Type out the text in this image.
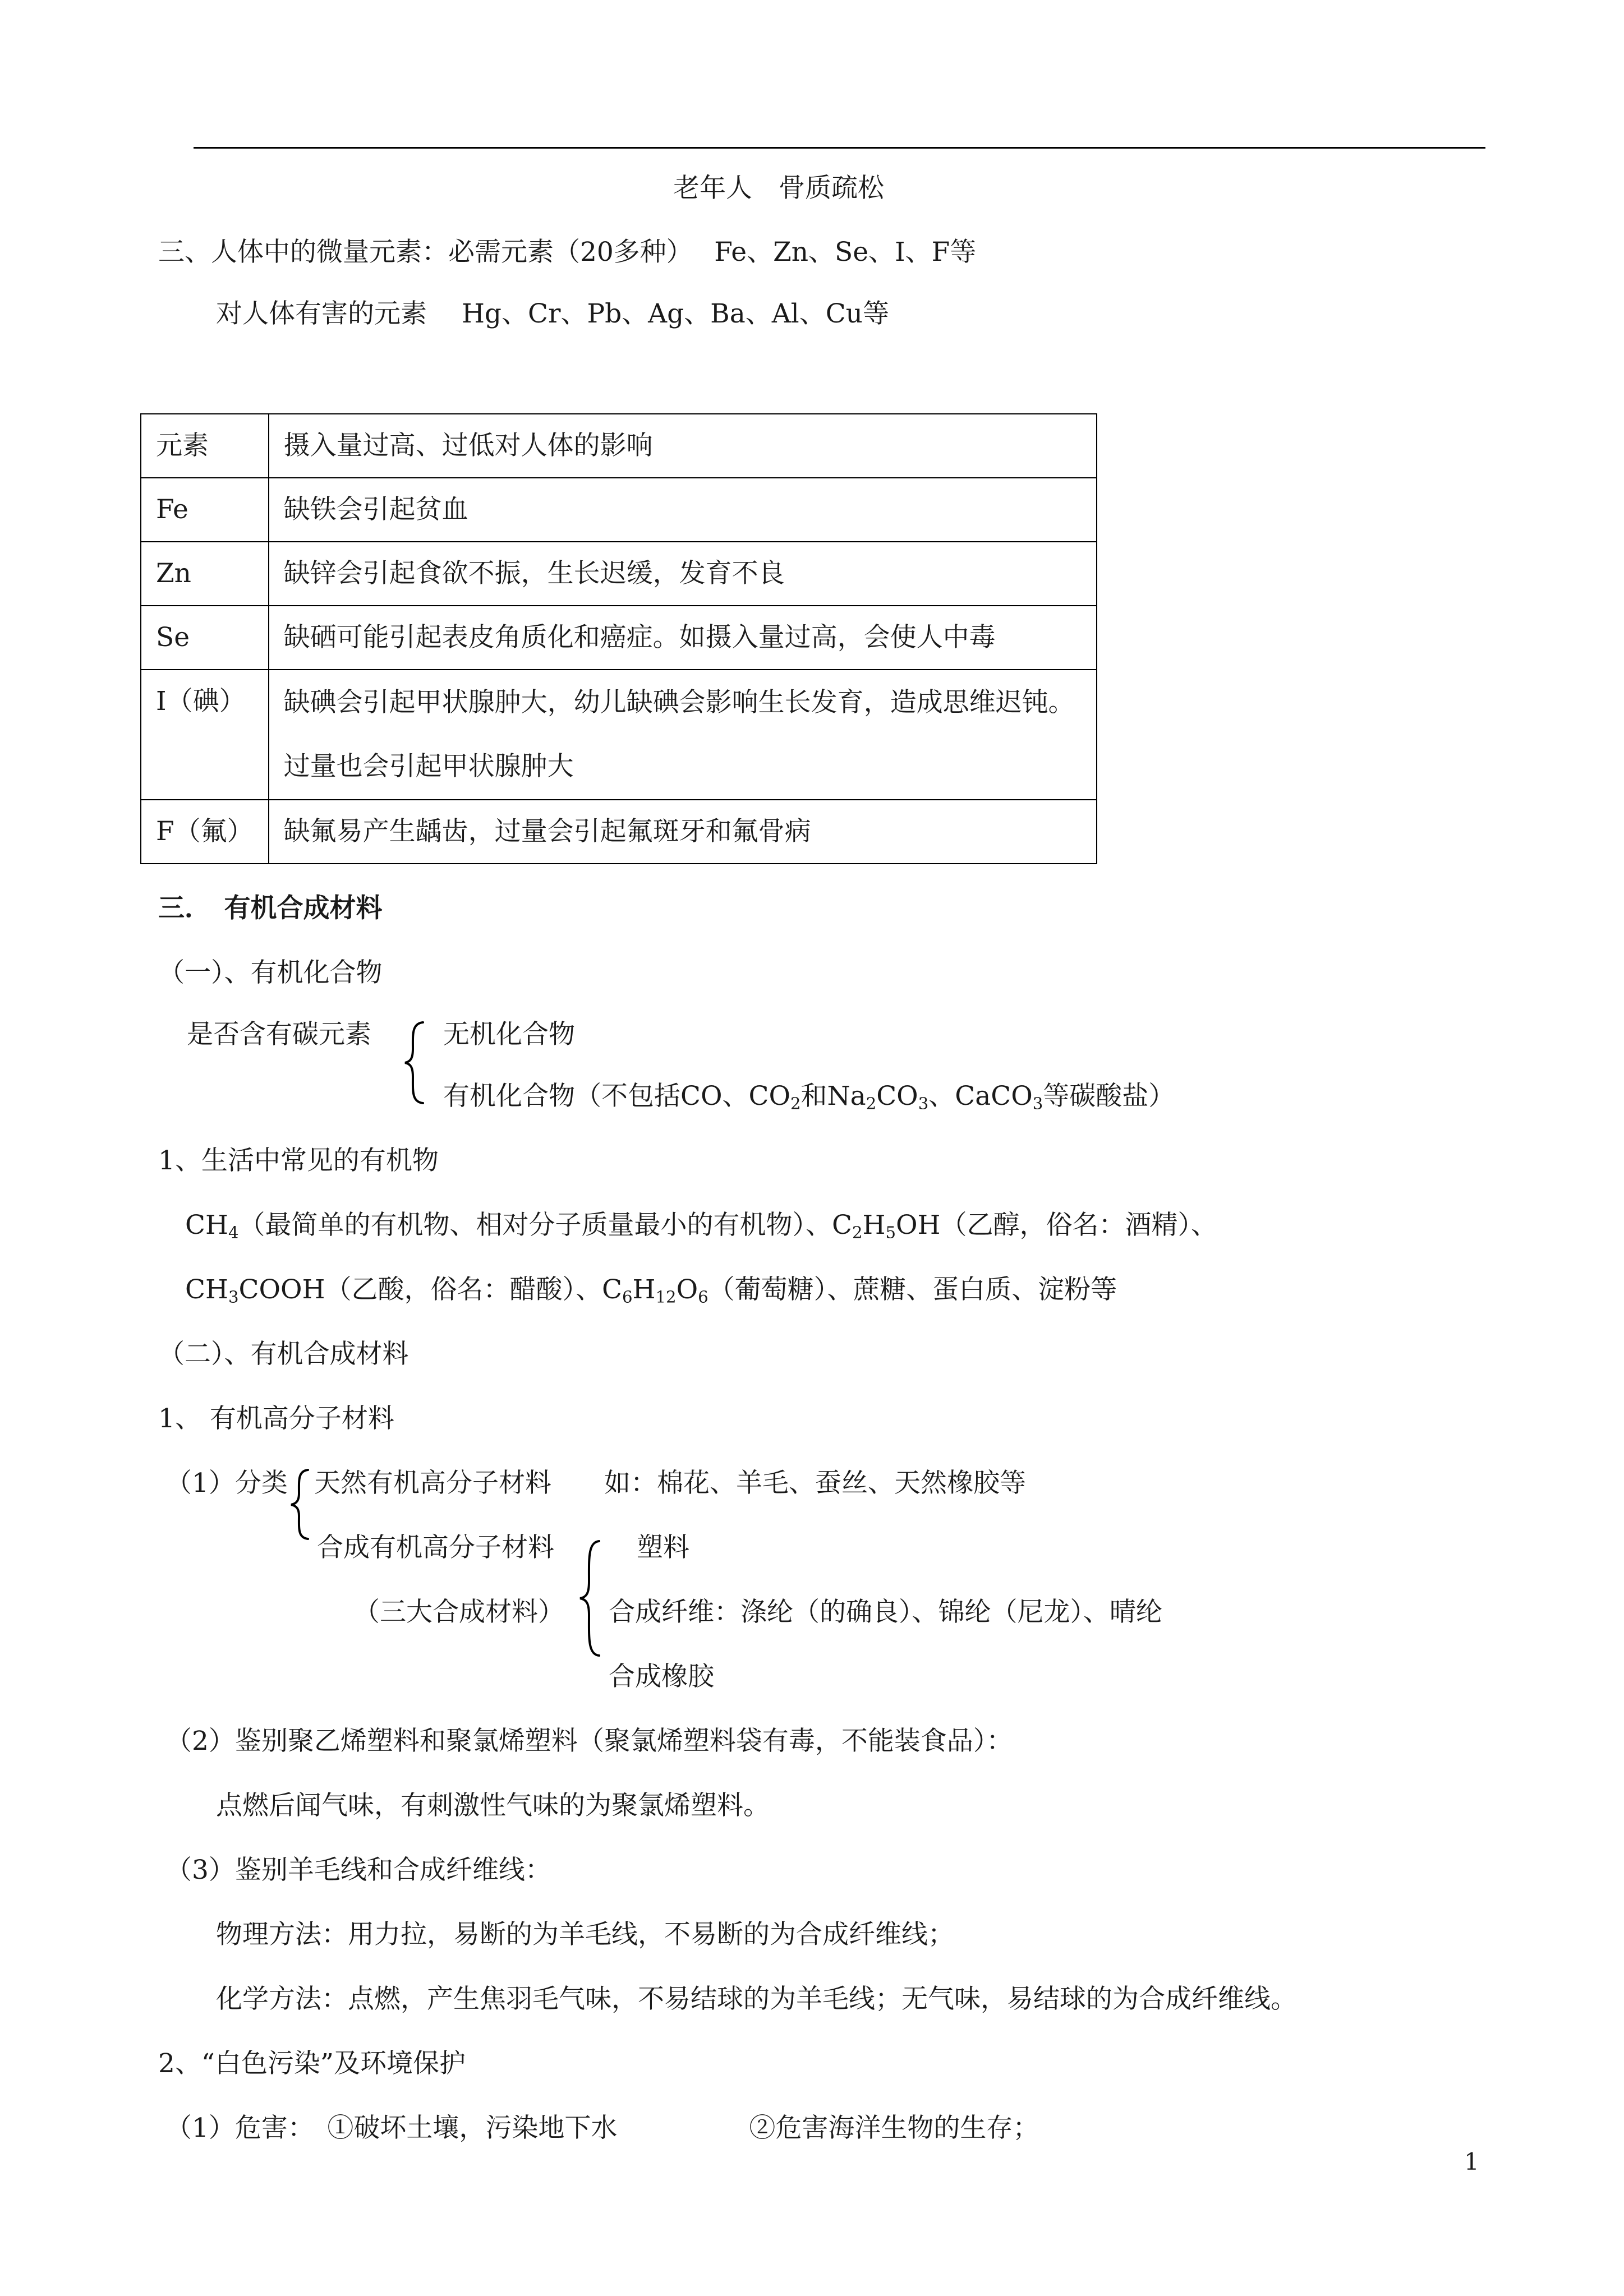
老年人　骨质疏松
三、人体中的微量元素：必需元素（20多种）　 Fe、Zn、Se、I、F等
对人体有害的元素　 Hg、Cr、Pb、Ag、Ba、Al、Cu等
元素	摄入量过高、过低对人体的影响
Fe	缺铁会引起贫血
Zn	缺锌会引起食欲不振，生长迟缓，发育不良
Se	缺硒可能引起表皮角质化和癌症。如摄入量过高，会使人中毒
I（碘）	缺碘会引起甲状腺肿大，幼儿缺碘会影响生长发育，造成思维迟钝。过量也会引起甲状腺肿大
F（氟）	缺氟易产生龋齿，过量会引起氟斑牙和氟骨病
三．　有机合成材料
（一）、有机化合物
是否含有碳元素	无机化合物
有机化合物（不包括CO、$CO_2$和$Na_2CO_3$、CaCO$_3$等碳酸盐）
1、生活中常见的有机物
$CH_4$（最简单的有机物、相对分子质量最小的有机物）、$C_2H_5OH$（乙醇，俗名：酒精）、
$CH_3COOH$（乙酸，俗名：醋酸）、$C_6H_{12}O_6$（葡萄糖）、蔗糖、蛋白质、淀粉等
（二）、有机合成材料
1、 有机高分子材料
（1）分类 天然有机高分子材料　　如：棉花、羊毛、蚕丝、天然橡胶等
合成有机高分子材料
（三大合成材料）
塑料
合成纤维：涤纶（的确良）、锦纶（尼龙）、晴纶
合成橡胶
（2）鉴别聚乙烯塑料和聚氯烯塑料（聚氯烯塑料袋有毒，不能装食品）：
点燃后闻气味，有刺激性气味的为聚氯烯塑料。
（3）鉴别羊毛线和合成纤维线：
物理方法：用力拉，易断的为羊毛线，不易断的为合成纤维线；
化学方法：点燃，产生焦羽毛气味，不易结球的为羊毛线；无气味，易结球的为合成纤维线。
2、“白色污染”及环境保护
（1）危害：　①破坏土壤，污染地下水　　　　　②危害海洋生物的生存；
1
